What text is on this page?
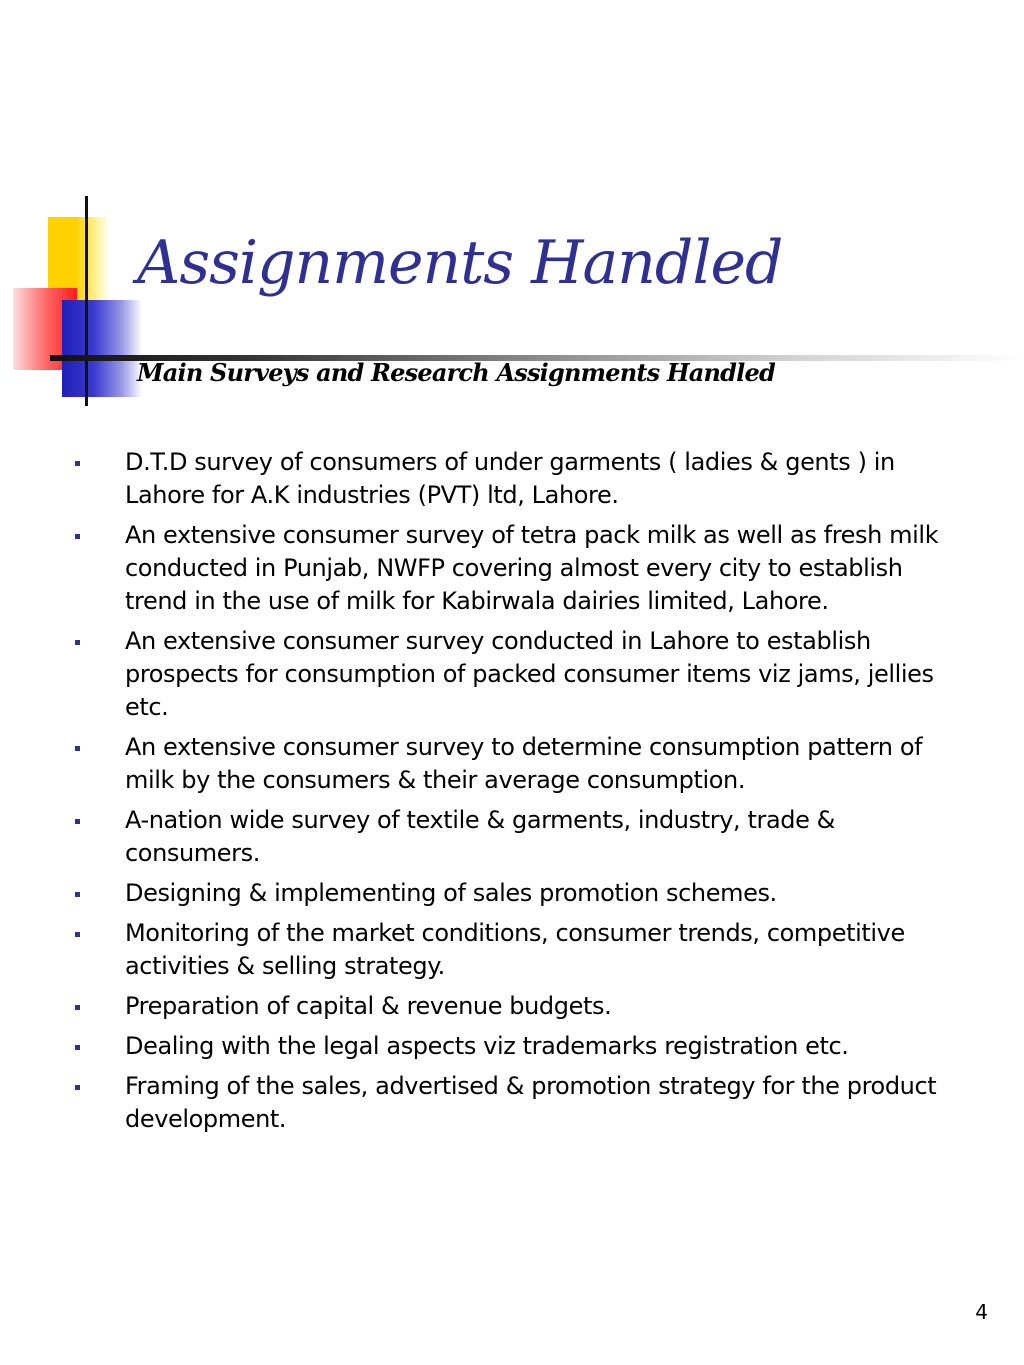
Assignments Handled
Main Surveys and Research Assignments Handled
D.T.D survey of consumers of under garments ( ladies & gents ) in Lahore for A.K industries (PVT) ltd, Lahore.
An extensive consumer survey of tetra pack milk as well as fresh milk conducted in Punjab, NWFP covering almost every city to establish trend in the use of milk for Kabirwala dairies limited, Lahore.
An extensive consumer survey conducted in Lahore to establish prospects for consumption of packed consumer items viz jams, jellies etc.
An extensive consumer survey to determine consumption pattern of milk by the consumers & their average consumption.
A-nation wide survey of textile & garments, industry, trade & consumers.
Designing & implementing of sales promotion schemes.
Monitoring of the market conditions, consumer trends, competitive activities & selling strategy.
Preparation of capital & revenue budgets.
Dealing with the legal aspects viz trademarks registration etc.
Framing of the sales, advertised & promotion strategy for the product development.
4
